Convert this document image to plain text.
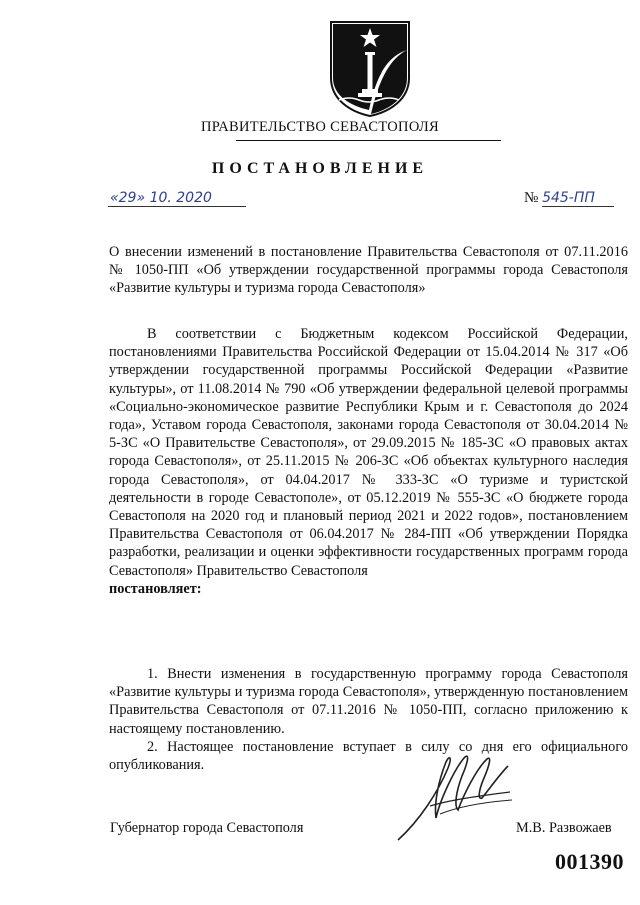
ПРАВИТЕЛЬСТВО СЕВАСТОПОЛЯ
ПОСТАНОВЛЕНИЕ
«29» 10. 2020	№ 545-ПП
О внесении изменений в постановление Правительства Севастополя от 07.11.2016 № 1050-ПП «Об утверждении государственной программы города Севастополя «Развитие культуры и туризма города Севастополя»
В соответствии с Бюджетным кодексом Российской Федерации, постановлениями Правительства Российской Федерации от 15.04.2014 № 317 «Об утверждении государственной программы Российской Федерации «Развитие культуры», от 11.08.2014 № 790 «Об утверждении федеральной целевой программы «Социально-экономическое развитие Республики Крым и г. Севастополя до 2024 года», Уставом города Севастополя, законами города Севастополя от 30.04.2014 № 5-ЗС «О Правительстве Севастополя», от 29.09.2015 № 185-ЗС «О правовых актах города Севастополя», от 25.11.2015 № 206-ЗС «Об объектах культурного наследия города Севастополя», от 04.04.2017 № 333-ЗС «О туризме и туристской деятельности в городе Севастополе», от 05.12.2019 № 555-ЗС «О бюджете города Севастополя на 2020 год и плановый период 2021 и 2022 годов», постановлением Правительства Севастополя от 06.04.2017 № 284-ПП «Об утверждении Порядка разработки, реализации и оценки эффективности государственных программ города Севастополя» Правительство Севастополя
постановляет:
1. Внести изменения в государственную программу города Севастополя «Развитие культуры и туризма города Севастополя», утвержденную постановлением Правительства Севастополя от 07.11.2016 № 1050-ПП, согласно приложению к настоящему постановлению.
2. Настоящее постановление вступает в силу со дня его официального опубликования.
Губернатор города Севастополя	М.В. Развожаев
001390
